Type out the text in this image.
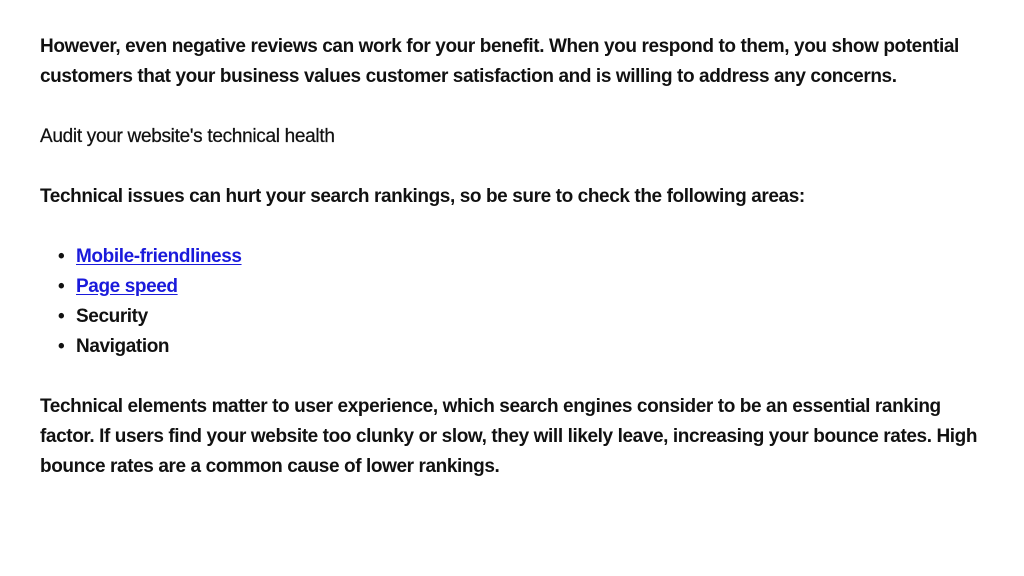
However, even negative reviews can work for your benefit. When you respond to them, you show potential customers that your business values customer satisfaction and is willing to address any concerns.

Audit your website's technical health

Technical issues can hurt your search rankings, so be sure to check the following areas:

• Mobile-friendliness
• Page speed
• Security
• Navigation

Technical elements matter to user experience, which search engines consider to be an essential ranking factor. If users find your website too clunky or slow, they will likely leave, increasing your bounce rates. High bounce rates are a common cause of lower rankings.
